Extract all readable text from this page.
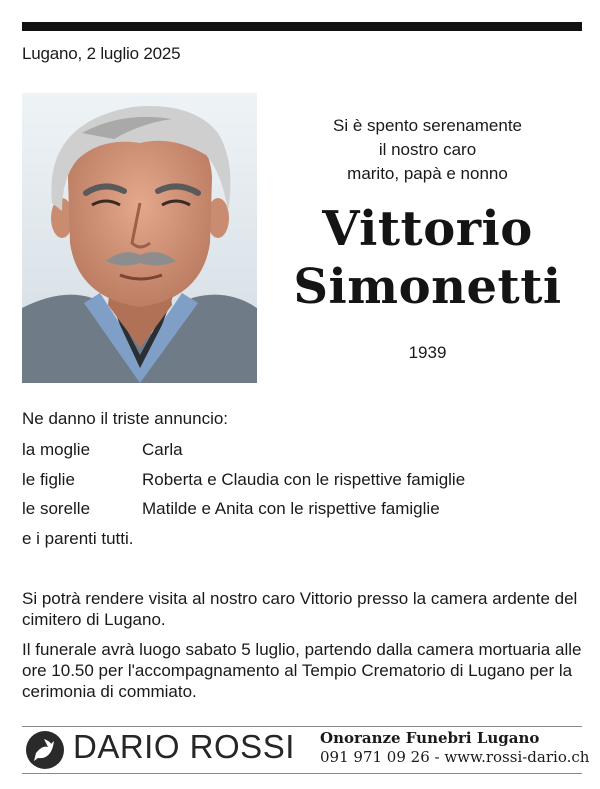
Lugano, 2 luglio 2025
Si è spento serenamente
il nostro caro
marito, papà e nonno
Vittorio
Simonetti
1939
Ne danno il triste annuncio:
la moglie	Carla
le figlie	Roberta e Claudia con le rispettive famiglie
le sorelle	Matilde e Anita con le rispettive famiglie
e i parenti tutti.
Si potrà rendere visita al nostro caro Vittorio presso la camera ardente del cimitero di Lugano.
Il funerale avrà luogo sabato 5 luglio, partendo dalla camera mortuaria alle ore 10.50 per l'accompagnamento al Tempio Crematorio di Lugano per la cerimonia di commiato.
DARIO ROSSI Onoranze Funebri Lugano
091 971 09 26 - www.rossi-dario.ch
